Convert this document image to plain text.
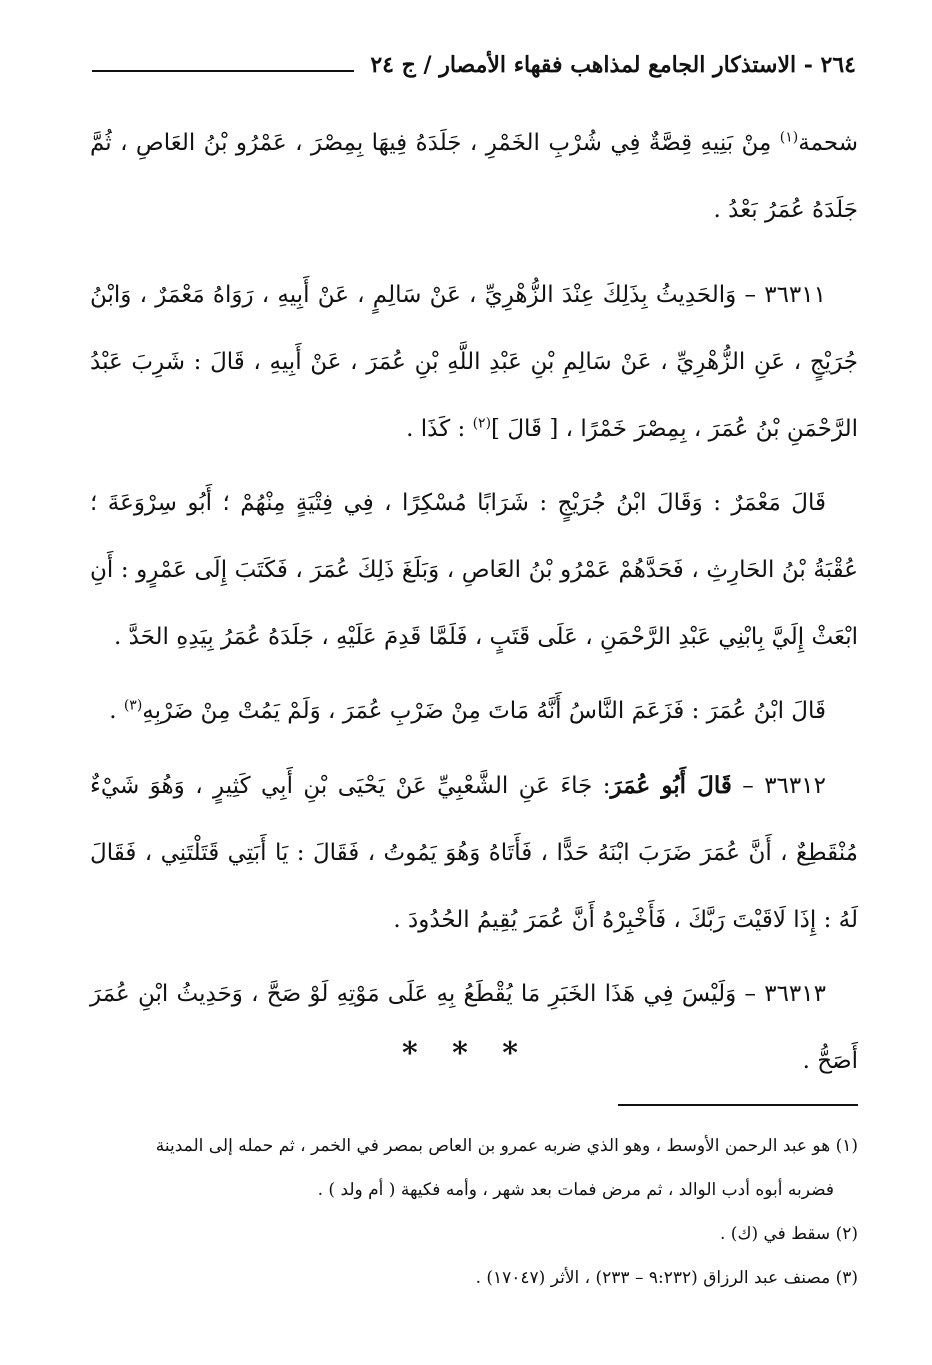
٢٦٤ - الاستذكار الجامع لمذاهب فقهاء الأمصار / ج ٢٤

شحمة$^{(١)}$ مِنْ بَنِيهِ قِصَّةٌ فِي شُرْبِ الخَمْرِ ، جَلَدَهُ فِيهَا بِمِصْرَ ، عَمْرُو بْنُ العَاصِ ، ثُمَّ جَلَدَهُ عُمَرُ بَعْدُ .

٣٦٣١١ – وَالحَدِيثُ بِذَلِكَ عِنْدَ الزُّهْرِيِّ ، عَنْ سَالِمٍ ، عَنْ أَبِيهِ ، رَوَاهُ مَعْمَرٌ ، وَابْنُ جُرَيْجٍ ، عَنِ الزُّهْرِيِّ ، عَنْ سَالِمِ بْنِ عَبْدِ اللَّهِ بْنِ عُمَرَ ، عَنْ أَبِيهِ ، قَالَ : شَرِبَ عَبْدُ الرَّحْمَنِ بْنُ عُمَرَ ، بِمِصْرَ خَمْرًا ، [ قَالَ ]$^{(٢)}$ : كَذَا .

قَالَ مَعْمَرٌ : وَقَالَ ابْنُ جُرَيْجٍ : شَرَابًا مُسْكِرًا ، فِي فِتْيَةٍ مِنْهُمْ ؛ أَبُو سِرْوَعَةَ ؛ عُقْبَةُ بْنُ الحَارِثِ ، فَحَدَّهُمْ عَمْرُو بْنُ العَاصِ ، وَبَلَغَ ذَلِكَ عُمَرَ ، فَكَتَبَ إِلَى عَمْرٍو : أَنِ ابْعَثْ إِلَيَّ بِابْنِي عَبْدِ الرَّحْمَنِ ، عَلَى قَتَبٍ ، فَلَمَّا قَدِمَ عَلَيْهِ ، جَلَدَهُ عُمَرُ بِيَدِهِ الحَدَّ .

قَالَ ابْنُ عُمَرَ : فَزَعَمَ النَّاسُ أَنَّهُ مَاتَ مِنْ ضَرْبِ عُمَرَ ، وَلَمْ يَمُتْ مِنْ ضَرْبِهِ$^{(٣)}$ .

٣٦٣١٢ – قَالَ أَبُو عُمَرَ: جَاءَ عَنِ الشَّعْبِيِّ عَنْ يَحْيَى بْنِ أَبِي كَثِيرٍ ، وَهُوَ شَيْءٌ مُنْقَطِعٌ ، أَنَّ عُمَرَ ضَرَبَ ابْنَهُ حَدًّا ، فَأَتَاهُ وَهُوَ يَمُوتُ ، فَقَالَ : يَا أَبَتِي قَتَلْتَنِي ، فَقَالَ لَهُ : إِذَا لَاقَيْتَ رَبَّكَ ، فَأَخْبِرْهُ أَنَّ عُمَرَ يُقِيمُ الحُدُودَ .

٣٦٣١٣ – وَلَيْسَ فِي هَذَا الخَبَرِ مَا يُقْطَعُ بِهِ عَلَى مَوْتِهِ لَوْ صَحَّ ، وَحَدِيثُ ابْنِ عُمَرَ أَصَحُّ .

* * *

(١) هو عبد الرحمن الأوسط ، وهو الذي ضربه عمرو بن العاص بمصر في الخمر ، ثم حمله إلى المدينة

فضربه أبوه أدب الوالد ، ثم مرض فمات بعد شهر ، وأمه فكيهة ( أم ولد ) .

(٢) سقط في (ك) .

(٣) مصنف عبد الرزاق (٩:٢٣٢ – ٢٣٣) ، الأثر (١٧٠٤٧) .
